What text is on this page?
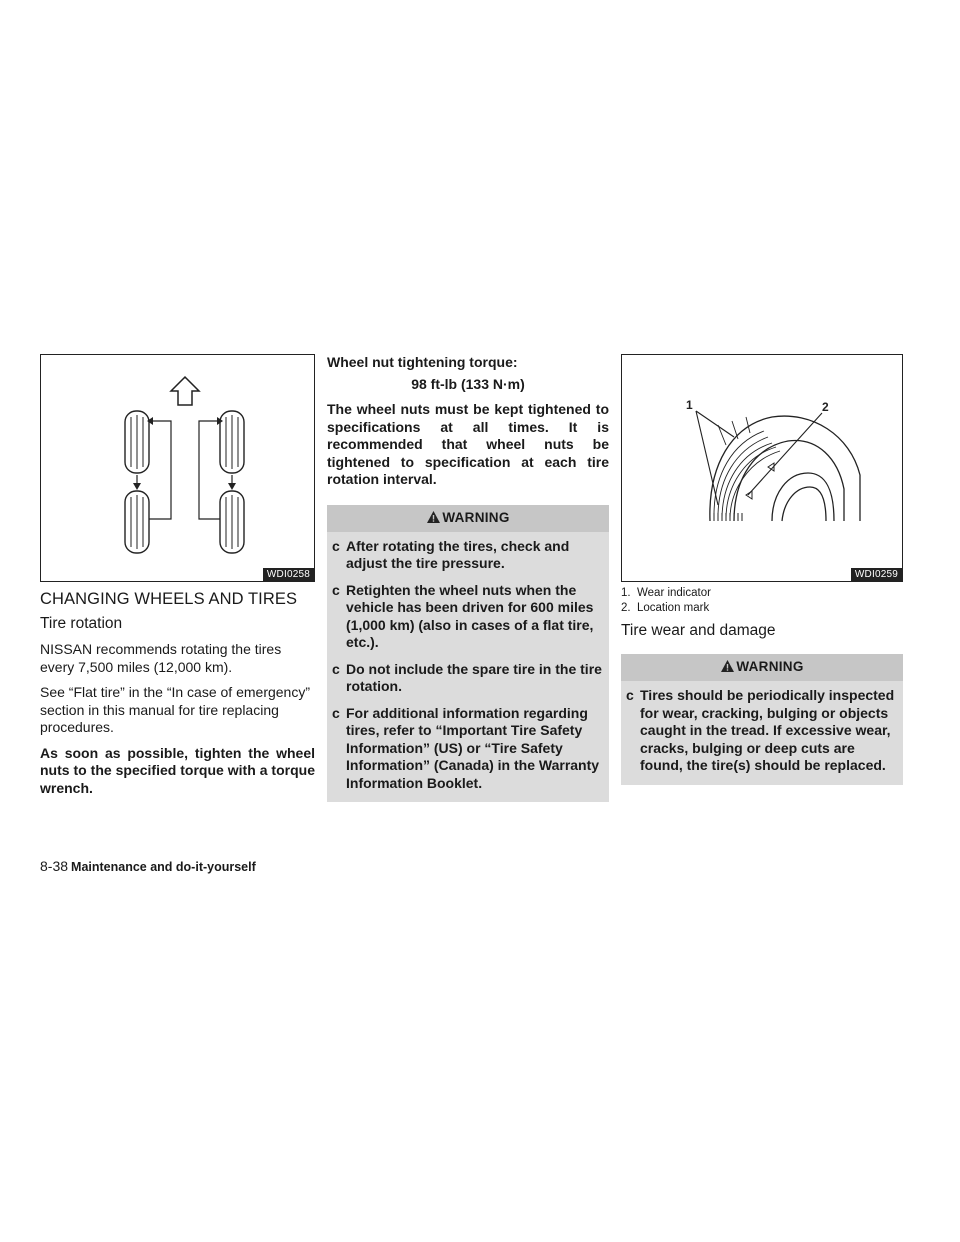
WDI0258
CHANGING WHEELS AND TIRES
Tire rotation

NISSAN recommends rotating the tires every 7,500 miles (12,000 km).

See “Flat tire” in the “In case of emergency” section in this manual for tire replacing procedures.

As soon as possible, tighten the wheel nuts to the specified torque with a torque wrench.

Wheel nut tightening torque:
98 ft-lb (133 N·m)
The wheel nuts must be kept tightened to specifications at all times. It is recommended that wheel nuts be tightened to specification at each tire rotation interval.
WARNING
c After rotating the tires, check and adjust the tire pressure.
c Retighten the wheel nuts when the vehicle has been driven for 600 miles (1,000 km) (also in cases of a flat tire, etc.).
c Do not include the spare tire in the tire rotation.
c For additional information regarding tires, refer to “Important Tire Safety Information” (US) or “Tire Safety Information” (Canada) in the Warranty Information Booklet.
1	2
WDI0259
1. Wear indicator
2. Location mark
Tire wear and damage
WARNING
c Tires should be periodically inspected for wear, cracking, bulging or objects caught in the tread. If excessive wear, cracks, bulging or deep cuts are found, the tire(s) should be replaced.
8-38 Maintenance and do-it-yourself
